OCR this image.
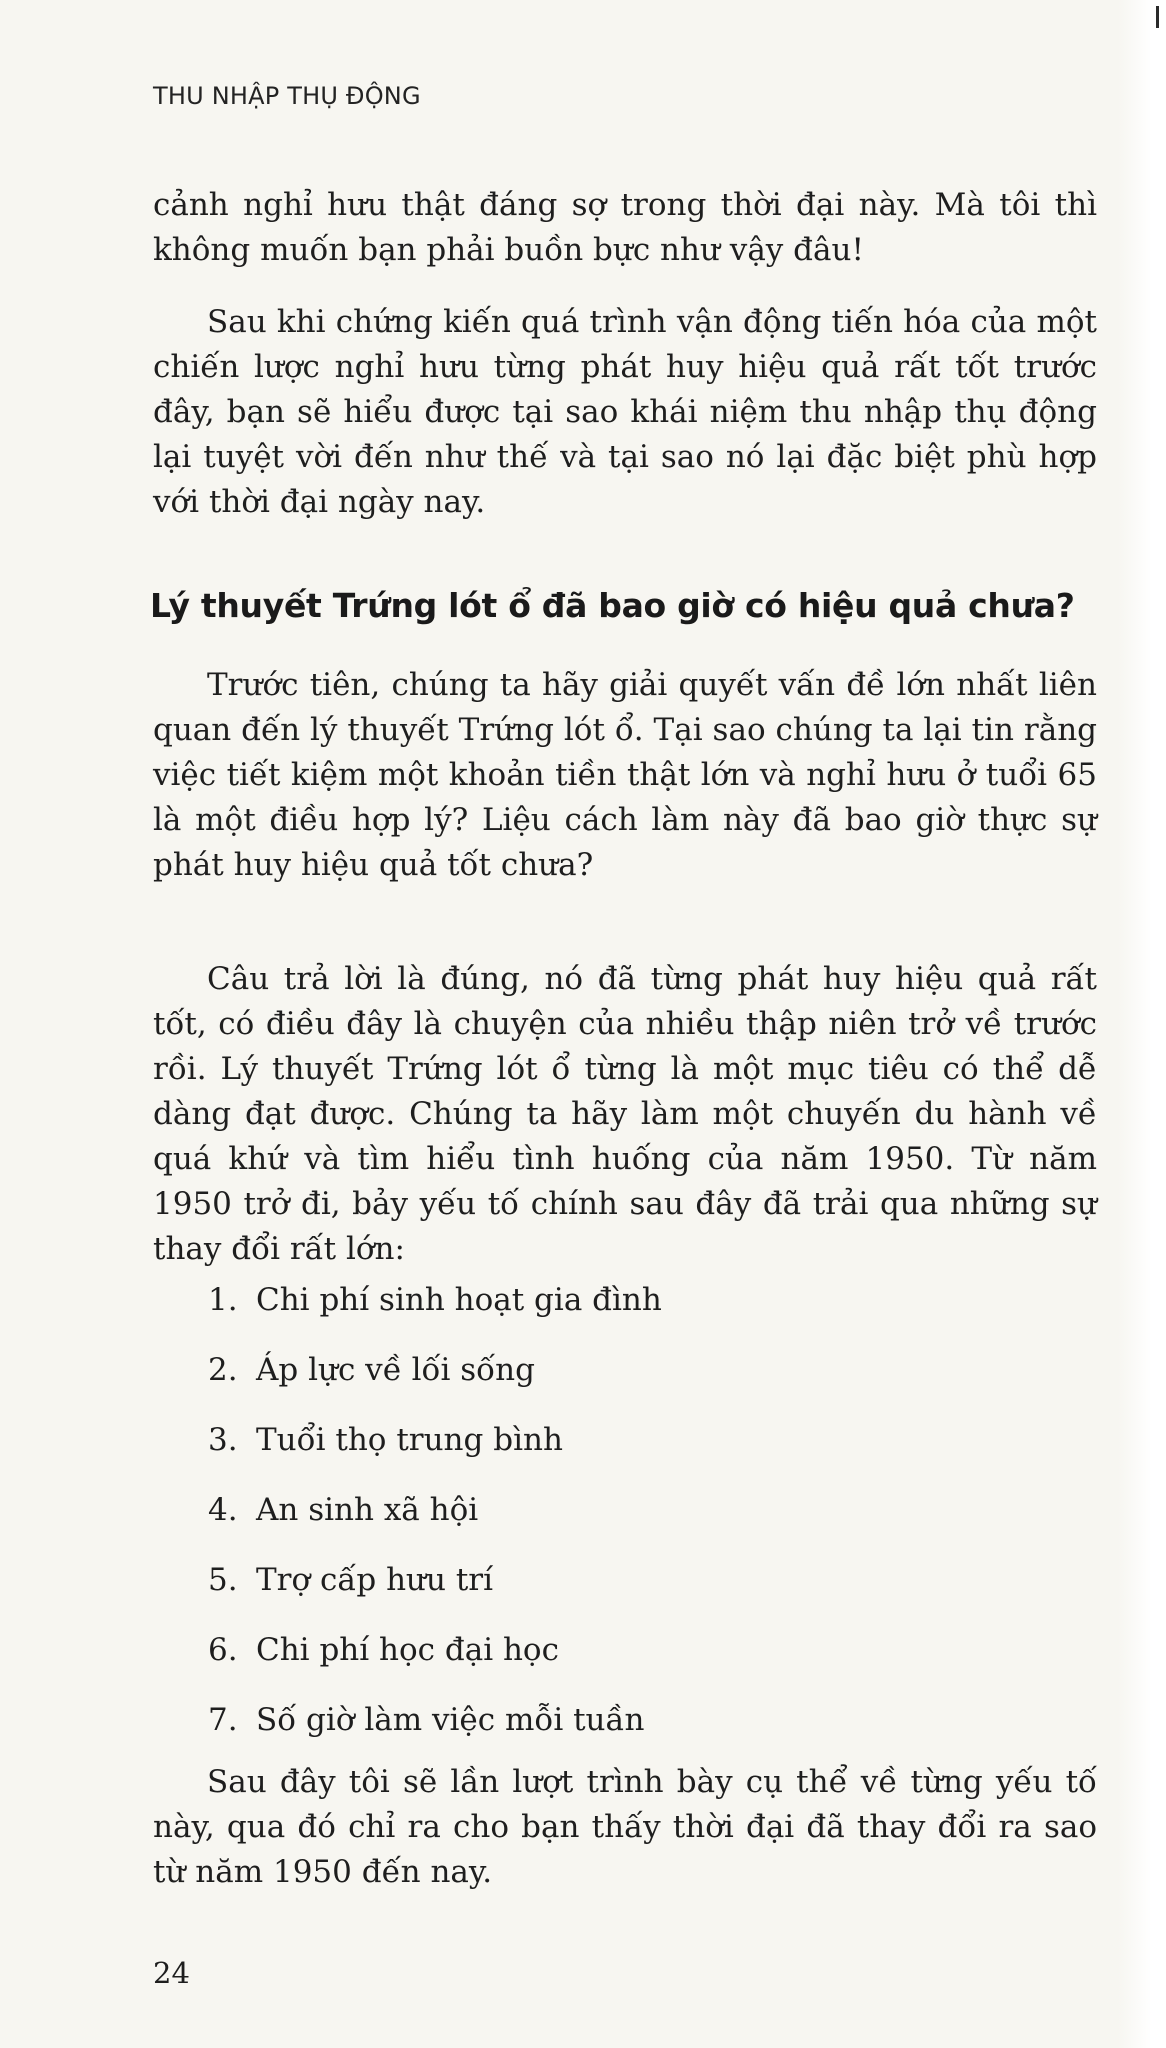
THU NHẬP THỤ ĐỘNG

cảnh nghỉ hưu thật đáng sợ trong thời đại này. Mà tôi thì không muốn bạn phải buồn bực như vậy đâu!

Sau khi chứng kiến quá trình vận động tiến hóa của một chiến lược nghỉ hưu từng phát huy hiệu quả rất tốt trước đây, bạn sẽ hiểu được tại sao khái niệm thu nhập thụ động lại tuyệt vời đến như thế và tại sao nó lại đặc biệt phù hợp với thời đại ngày nay.

Lý thuyết Trứng lót ổ đã bao giờ có hiệu quả chưa?

Trước tiên, chúng ta hãy giải quyết vấn đề lớn nhất liên quan đến lý thuyết Trứng lót ổ. Tại sao chúng ta lại tin rằng việc tiết kiệm một khoản tiền thật lớn và nghỉ hưu ở tuổi 65 là một điều hợp lý? Liệu cách làm này đã bao giờ thực sự phát huy hiệu quả tốt chưa?

Câu trả lời là đúng, nó đã từng phát huy hiệu quả rất tốt, có điều đây là chuyện của nhiều thập niên trở về trước rồi. Lý thuyết Trứng lót ổ từng là một mục tiêu có thể dễ dàng đạt được. Chúng ta hãy làm một chuyến du hành về quá khứ và tìm hiểu tình huống của năm 1950. Từ năm 1950 trở đi, bảy yếu tố chính sau đây đã trải qua những sự thay đổi rất lớn:

1. Chi phí sinh hoạt gia đình
2. Áp lực về lối sống
3. Tuổi thọ trung bình
4. An sinh xã hội
5. Trợ cấp hưu trí
6. Chi phí học đại học
7. Số giờ làm việc mỗi tuần

Sau đây tôi sẽ lần lượt trình bày cụ thể về từng yếu tố này, qua đó chỉ ra cho bạn thấy thời đại đã thay đổi ra sao từ năm 1950 đến nay.

24
